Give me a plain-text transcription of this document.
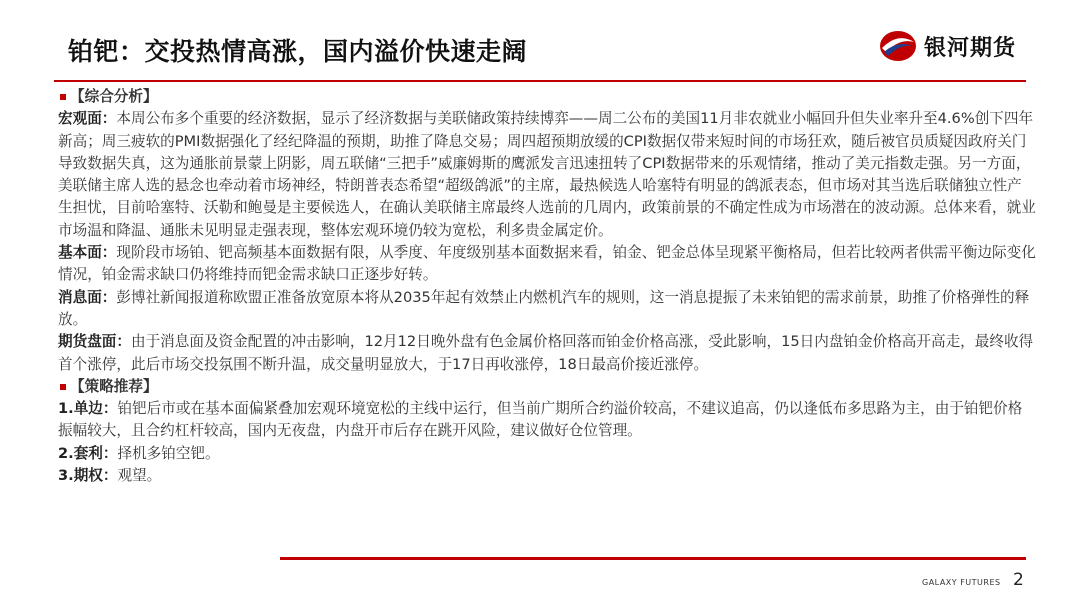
铂钯：交投热情高涨，国内溢价快速走阔	银河期货
【综合分析】

宏观面：本周公布多个重要的经济数据，显示了经济数据与美联储政策持续博弈——周二公布的美国11月非农就业小幅回升但失业率升至4.6%创下四年新高；周三疲软的PMI数据强化了经纪降温的预期，助推了降息交易；周四超预期放缓的CPI数据仅带来短时间的市场狂欢，随后被官员质疑因政府关门导致数据失真，这为通胀前景蒙上阴影，周五联储“三把手”威廉姆斯的鹰派发言迅速扭转了CPI数据带来的乐观情绪，推动了美元指数走强。另一方面，美联储主席人选的悬念也牵动着市场神经，特朗普表态希望“超级鸽派”的主席，最热候选人哈塞特有明显的鸽派表态，但市场对其当选后联储独立性产生担忧，目前哈塞特、沃勒和鲍曼是主要候选人，在确认美联储主席最终人选前的几周内，政策前景的不确定性成为市场潜在的波动源。总体来看，就业市场温和降温、通胀未见明显走强表现，整体宏观环境仍较为宽松，利多贵金属定价。

基本面：现阶段市场铂、钯高频基本面数据有限，从季度、年度级别基本面数据来看，铂金、钯金总体呈现紧平衡格局，但若比较两者供需平衡边际变化情况，铂金需求缺口仍将维持而钯金需求缺口正逐步好转。

消息面：彭博社新闻报道称欧盟正准备放宽原本将从2035年起有效禁止内燃机汽车的规则，这一消息提振了未来铂钯的需求前景，助推了价格弹性的释放。

期货盘面：由于消息面及资金配置的冲击影响，12月12日晚外盘有色金属价格回落而铂金价格高涨，受此影响，15日内盘铂金价格高开高走，最终收得首个涨停，此后市场交投氛围不断升温，成交量明显放大，于17日再收涨停，18日最高价接近涨停。

【策略推荐】

1.单边：铂钯后市或在基本面偏紧叠加宏观环境宽松的主线中运行，但当前广期所合约溢价较高，不建议追高，仍以逢低布多思路为主，由于铂钯价格振幅较大，且合约杠杆较高，国内无夜盘，内盘开市后存在跳开风险，建议做好仓位管理。

2.套利：择机多铂空钯。

3.期权：观望。

GALAXY FUTURES 2
